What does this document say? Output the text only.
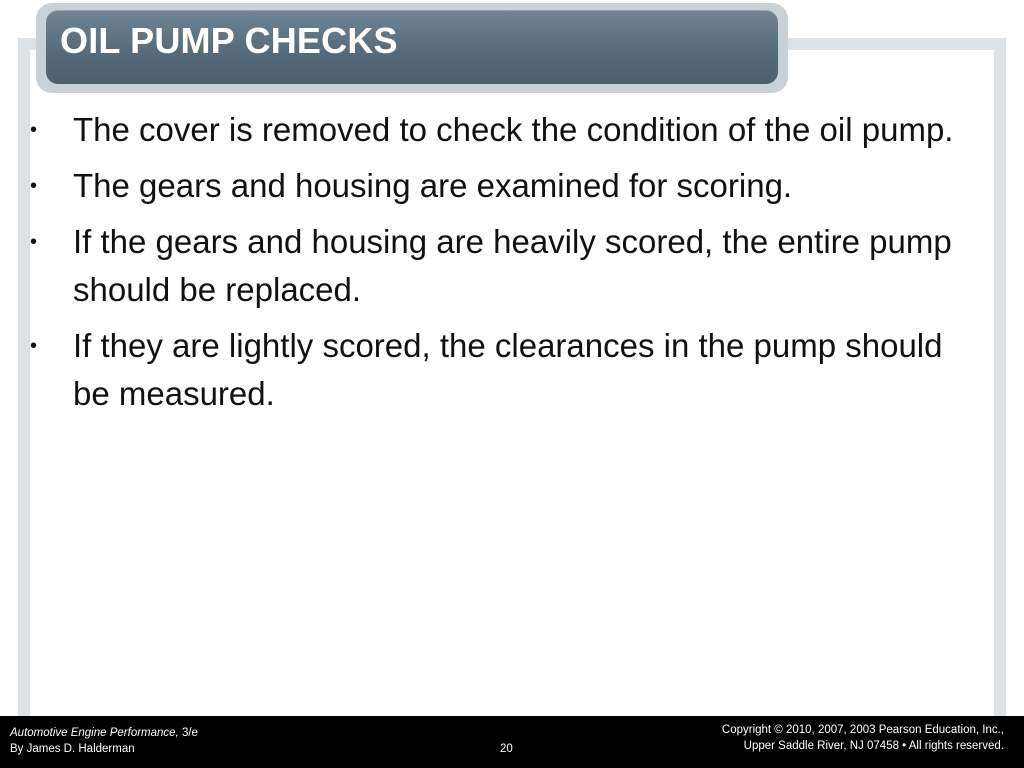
OIL PUMP CHECKS
• The cover is removed to check the condition of the oil pump.
• The gears and housing are examined for scoring.
• If the gears and housing are heavily scored, the entire pump should be replaced.
• If they are lightly scored, the clearances in the pump should be measured.
Automotive Engine Performance, 3/e
By James D. Halderman	20
Copyright © 2010, 2007, 2003 Pearson Education, Inc.,
Upper Saddle River, NJ 07458 • All rights reserved.
